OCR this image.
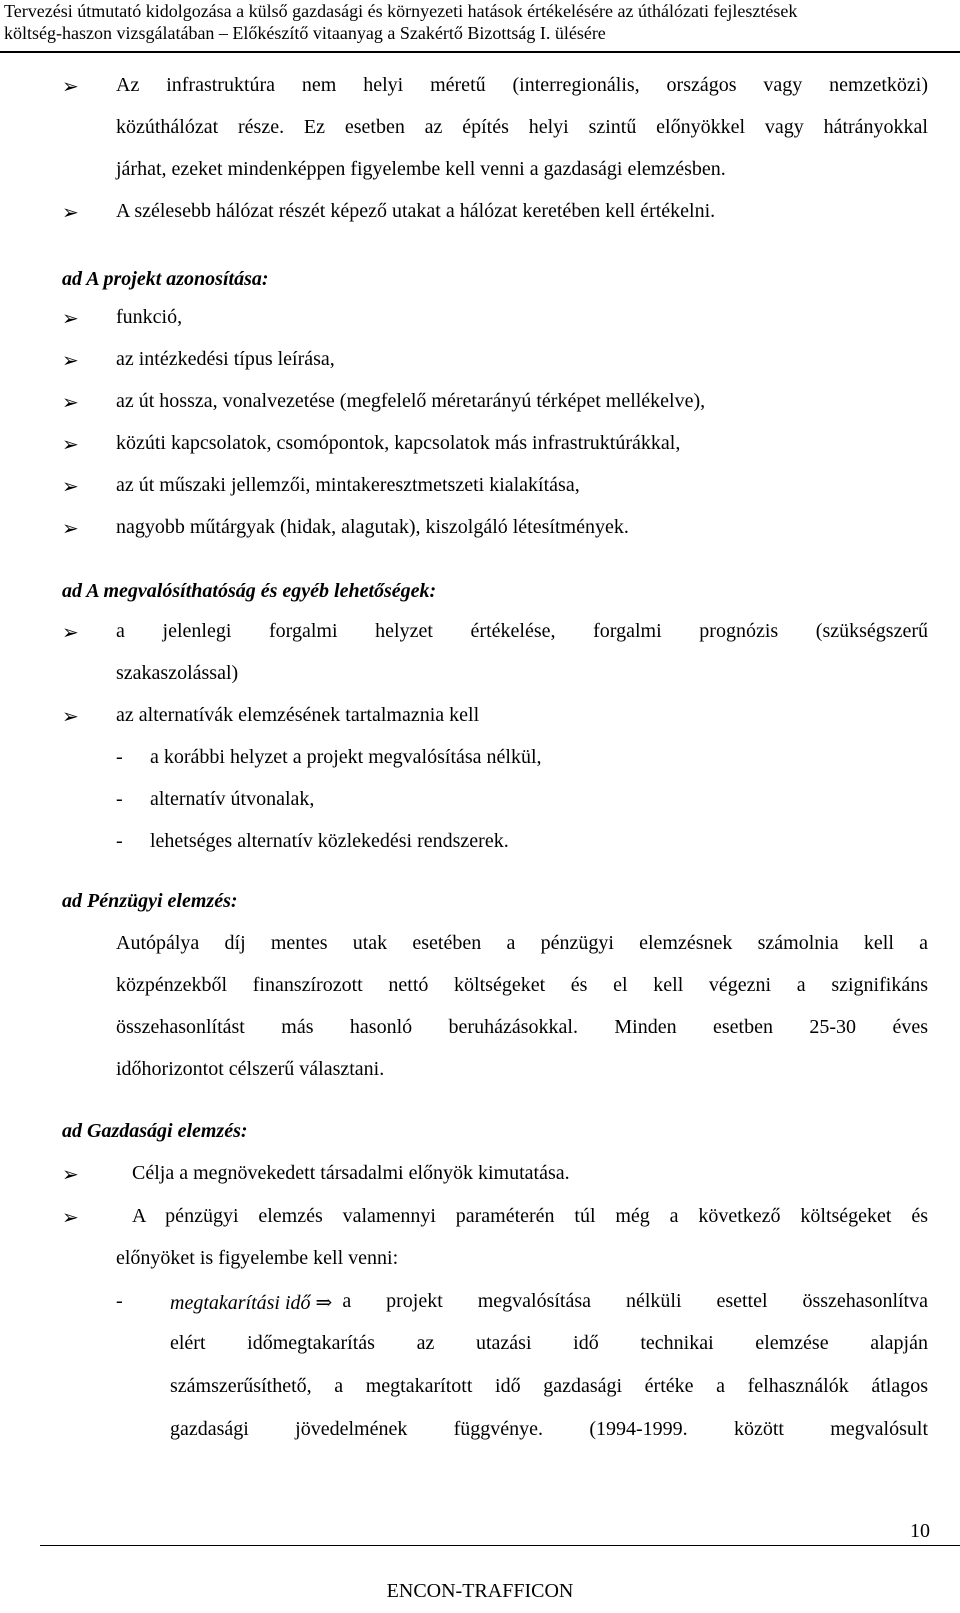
Tervezési útmutató kidolgozása a külső gazdasági és környezeti hatások értékelésére az úthálózati fejlesztések
költség-haszon vizsgálatában – Előkészítő vitaanyag a Szakértő Bizottság I. ülésére
➢ Az infrastruktúra nem helyi méretű (interregionális, országos vagy nemzetközi)
közúthálózat része. Ez esetben az építés helyi szintű előnyökkel vagy hátrányokkal
járhat, ezeket mindenképpen figyelembe kell venni a gazdasági elemzésben.
➢ A szélesebb hálózat részét képező utakat a hálózat keretében kell értékelni.
ad A projekt azonosítása:
➢ funkció,
➢ az intézkedési típus leírása,
➢ az út hossza, vonalvezetése (megfelelő méretarányú térképet mellékelve),
➢ közúti kapcsolatok, csomópontok, kapcsolatok más infrastruktúrákkal,
➢ az út műszaki jellemzői, mintakeresztmetszeti kialakítása,
➢ nagyobb műtárgyak (hidak, alagutak), kiszolgáló létesítmények.
ad A megvalósíthatóság és egyéb lehetőségek:
➢ a jelenlegi forgalmi helyzet értékelése, forgalmi prognózis (szükségszerű
szakaszolással)
➢ az alternatívák elemzésének tartalmaznia kell
- a korábbi helyzet a projekt megvalósítása nélkül,
- alternatív útvonalak,
- lehetséges alternatív közlekedési rendszerek.
ad Pénzügyi elemzés:
Autópálya díj mentes utak esetében a pénzügyi elemzésnek számolnia kell a
közpénzekből finanszírozott nettó költségeket és el kell végezni a szignifikáns
összehasonlítást más hasonló beruházásokkal. Minden esetben 25-30 éves
időhorizontot célszerű választani.
ad Gazdasági elemzés:
➢	Célja a megnövekedett társadalmi előnyök kimutatása.
➢	A pénzügyi elemzés valamennyi paraméterén túl még a következő költségeket és
előnyöket is figyelembe kell venni:
- megtakarítási idő ⇒ a projekt megvalósítása nélküli esettel összehasonlítva
elért időmegtakarítás az utazási idő technikai elemzése alapján
számszerűsíthető, a megtakarított idő gazdasági értéke a felhasználók átlagos
gazdasági jövedelmének függvénye. (1994-1999. között megvalósult
10
ENCON-TRAFFICON
